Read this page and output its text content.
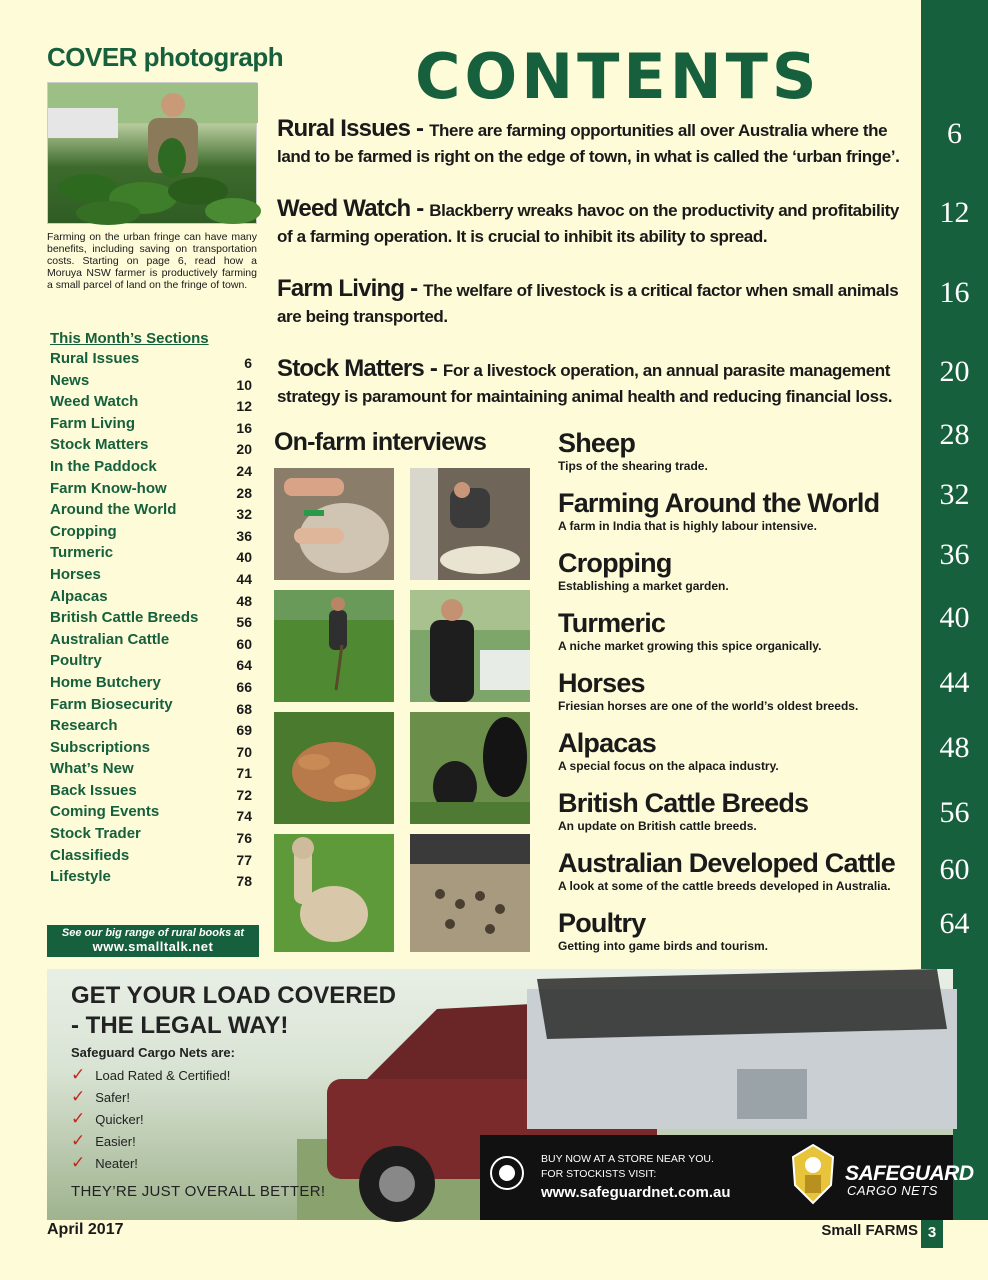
COVER photograph
Farming on the urban fringe can have many benefits, including saving on transportation costs. Starting on page 6, read how a Moruya NSW farmer is productively farming a small parcel of land on the fringe of town.
CONTENTS
Rural Issues - There are farming opportunities all over Australia where the land to be farmed is right on the edge of town, in what is called the ‘urban fringe’.
6
Weed Watch - Blackberry wreaks havoc on the productivity and profitability of a farming operation. It is crucial to inhibit its ability to spread.
12
Farm Living - The welfare of livestock is a critical factor when small animals are being transported.
16
Stock Matters - For a livestock operation, an annual parasite management strategy is paramount for maintaining animal health and reducing financial loss.
20
This Month’s Sections
Rural Issues	6
News	10
Weed Watch	12
Farm Living	16
Stock Matters	20
In the Paddock	24
Farm Know-how	28
Around the World	32
Cropping	36
Turmeric	40
Horses	44
Alpacas	48
British Cattle Breeds	56
Australian Cattle	60
Poultry	64
Home Butchery	66
Farm Biosecurity	68
Research	69
Subscriptions	70
What’s New	71
Back Issues	72
Coming Events	74
Stock Trader	76
Classifieds	77
Lifestyle	78
See our big range of rural books at
www.smalltalk.net
On-farm interviews	Sheep
Tips of the shearing trade.
28
Farming Around the World
A farm in India that is highly labour intensive.
32
Cropping
Establishing a market garden.
36
Turmeric
A niche market growing this spice organically.
40
Horses
Friesian horses are one of the world’s oldest breeds.
44
Alpacas
A special focus on the alpaca industry.
48
British Cattle Breeds
An update on British cattle breeds.	56
Australian Developed Cattle
A look at some of the cattle breeds developed in Australia.	60
Poultry
Getting into game birds and tourism.
64
GET YOUR LOAD COVERED
- THE LEGAL WAY!
Safeguard Cargo Nets are:
✓ Load Rated & Certified!
✓ Safer!
✓ Quicker!
✓ Easier!
✓ Neater!
THEY’RE JUST OVERALL BETTER!
BUY NOW AT A STORE NEAR YOU.
FOR STOCKISTS VISIT:
www.safeguardnet.com.au
SAFEGUARD
CARGO NETS
April 2017	Small FARMS 3
